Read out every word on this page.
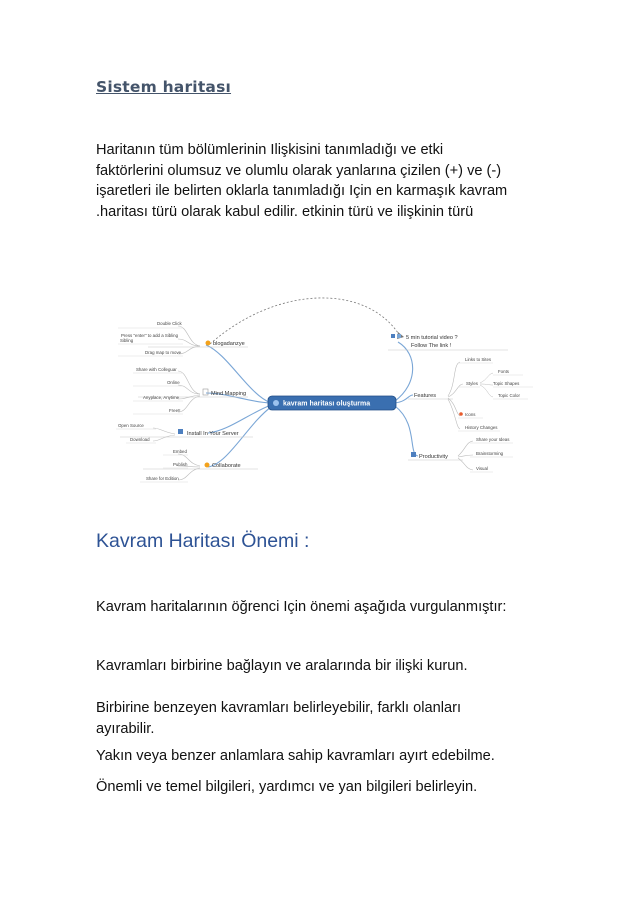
Sistem haritası
Haritanın tüm bölümlerinin Ilişkisini tanımladığı ve etki
faktörlerini olumsuz ve olumlu olarak yanlarına çizilen (+) ve (-)
işaretleri ile belirten oklarla tanımladığı Için en karmaşık kavram
.haritası türü olarak kabul edilir. etkinin türü ve ilişkinin türü
kavram haritası oluşturma
blogadanzye
Double Click
Press "enter" to add a Sibling
Sibling
Drag map to move
Mind Mapping
Share with Colleguar
Online
Anyplace, Anytime
Free!!
Install In Your Server
Open Source
Download
Collaborate
Embed
Publish
Share for Edition
5 min tutorial video ?
Follow The link !
Features
Links to Sites
Styles
Fonts
Topic Shapes
Topic Color
Icons
History Changes
Productivity
Share your Ideas
Brainstorming
Visual
Kavram Haritası Önemi :
Kavram haritalarının öğrenci Için önemi aşağıda vurgulanmıştır:
Kavramları birbirine bağlayın ve aralarında bir ilişki kurun.
Birbirine benzeyen kavramları belirleyebilir, farklı olanları
ayırabilir.
Yakın veya benzer anlamlara sahip kavramları ayırt edebilme.
Önemli ve temel bilgileri, yardımcı ve yan bilgileri belirleyin.
